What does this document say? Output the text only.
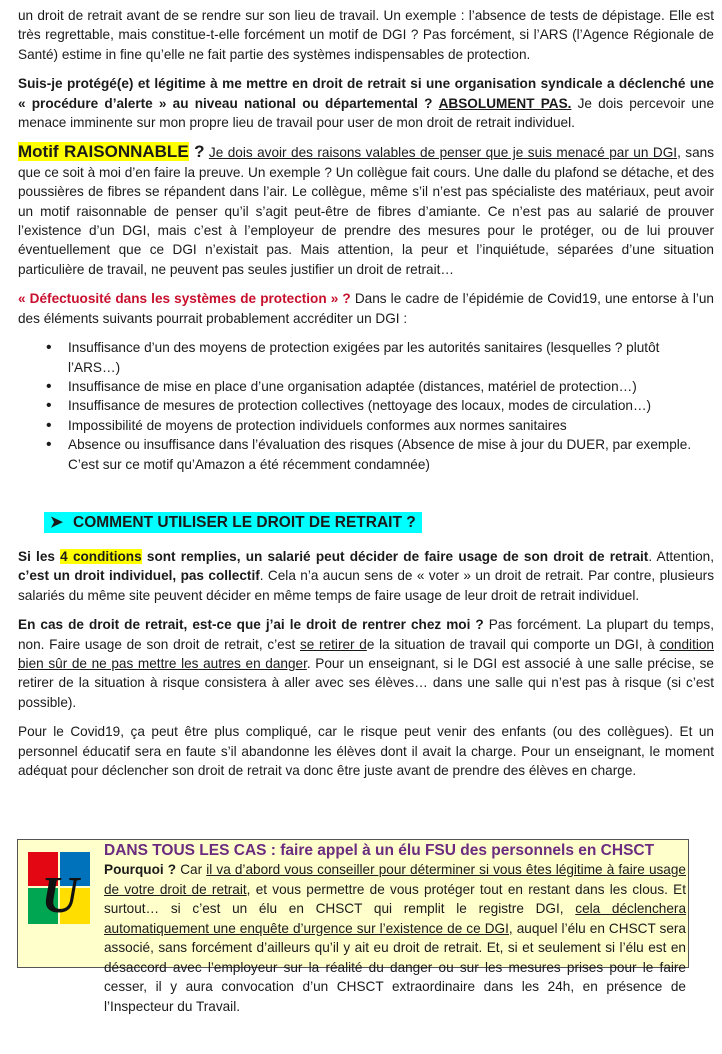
un droit de retrait avant de se rendre sur son lieu de travail. Un exemple : l’absence de tests de dépistage. Elle est très regrettable, mais constitue-t-elle forcément un motif de DGI ? Pas forcément, si l’ARS (l’Agence Régionale de Santé) estime in fine qu’elle ne fait partie des systèmes indispensables de protection.

Suis-je protégé(e) et légitime à me mettre en droit de retrait si une organisation syndicale a déclenché une « procédure d’alerte » au niveau national ou départemental ? ABSOLUMENT PAS. Je dois percevoir une menace imminente sur mon propre lieu de travail pour user de mon droit de retrait individuel.

Motif RAISONNABLE ? Je dois avoir des raisons valables de penser que je suis menacé par un DGI, sans que ce soit à moi d’en faire la preuve. Un exemple ? Un collègue fait cours. Une dalle du plafond se détache, et des poussières de fibres se répandent dans l’air. Le collègue, même s’il n’est pas spécialiste des matériaux, peut avoir un motif raisonnable de penser qu’il s’agit peut-être de fibres d’amiante. Ce n’est pas au salarié de prouver l’existence d’un DGI, mais c’est à l’employeur de prendre des mesures pour le protéger, ou de lui prouver éventuellement que ce DGI n’existait pas. Mais attention, la peur et l’inquiétude, séparées d’une situation particulière de travail, ne peuvent pas seules justifier un droit de retrait…

« Défectuosité dans les systèmes de protection » ? Dans le cadre de l’épidémie de Covid19, une entorse à l’un des éléments suivants pourrait probablement accréditer un DGI :

• Insuffisance d’un des moyens de protection exigées par les autorités sanitaires (lesquelles ? plutôt l’ARS…)
• Insuffisance de mise en place d’une organisation adaptée (distances, matériel de protection…)
• Insuffisance de mesures de protection collectives (nettoyage des locaux, modes de circulation…)
• Impossibilité de moyens de protection individuels conformes aux normes sanitaires
• Absence ou insuffisance dans l’évaluation des risques (Absence de mise à jour du DUER, par exemple. C’est sur ce motif qu’Amazon a été récemment condamnée)
➤ COMMENT UTILISER LE DROIT DE RETRAIT ?

Si les 4 conditions sont remplies, un salarié peut décider de faire usage de son droit de retrait. Attention, c’est un droit individuel, pas collectif. Cela n’a aucun sens de « voter » un droit de retrait. Par contre, plusieurs salariés du même site peuvent décider en même temps de faire usage de leur droit de retrait individuel.

En cas de droit de retrait, est-ce que j’ai le droit de rentrer chez moi ? Pas forcément. La plupart du temps, non. Faire usage de son droit de retrait, c’est se retirer de la situation de travail qui comporte un DGI, à condition bien sûr de ne pas mettre les autres en danger. Pour un enseignant, si le DGI est associé à une salle précise, se retirer de la situation à risque consistera à aller avec ses élèves… dans une salle qui n’est pas à risque (si c’est possible).

Pour le Covid19, ça peut être plus compliqué, car le risque peut venir des enfants (ou des collègues). Et un personnel éducatif sera en faute s’il abandonne les élèves dont il avait la charge. Pour un enseignant, le moment adéquat pour déclencher son droit de retrait va donc être juste avant de prendre des élèves en charge.

U
DANS TOUS LES CAS : faire appel à un élu FSU des personnels en CHSCT
Pourquoi ? Car il va d’abord vous conseiller pour déterminer si vous êtes légitime à faire usage de votre droit de retrait, et vous permettre de vous protéger tout en restant dans les clous. Et surtout… si c’est un élu en CHSCT qui remplit le registre DGI, cela déclenchera automatiquement une enquête d’urgence sur l’existence de ce DGI, auquel l’élu en CHSCT sera associé, sans forcément d’ailleurs qu’il y ait eu droit de retrait. Et, si et seulement si l’élu est en désaccord avec l’employeur sur la réalité du danger ou sur les mesures prises pour le faire cesser, il y aura convocation d’un CHSCT extraordinaire dans les 24h, en présence de l’Inspecteur du Travail.
